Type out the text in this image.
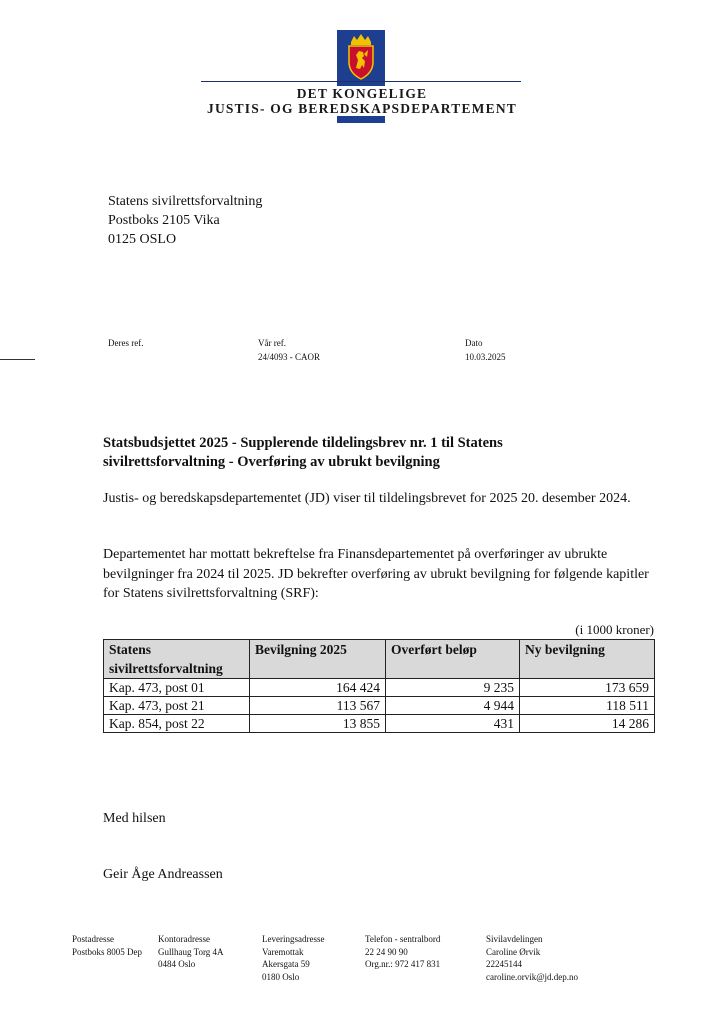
DET KONGELIGE
JUSTIS- OG BEREDSKAPSDEPARTEMENT
Statens sivilrettsforvaltning
Postboks 2105 Vika
0125 OSLO
Deres ref.	Vår ref.
24/4093 - CAOR
Dato
10.03.2025
Statsbudsjettet 2025 - Supplerende tildelingsbrev nr. 1 til Statens sivilrettsforvaltning - Overføring av ubrukt bevilgning
Justis- og beredskapsdepartementet (JD) viser til tildelingsbrevet for 2025 20. desember 2024.
Departementet har mottatt bekreftelse fra Finansdepartementet på overføringer av ubrukte bevilgninger fra 2024 til 2025. JD bekrefter overføring av ubrukt bevilgning for følgende kapitler for Statens sivilrettsforvaltning (SRF):
(i 1000 kroner)
Statens sivilrettsforvaltning	Bevilgning 2025	Overført beløp	Ny bevilgning
Kap. 473, post 01	164 424	9 235	173 659
Kap. 473, post 21	113 567	4 944	118 511
Kap. 854, post 22	13 855	431	14 286
Med hilsen
Geir Åge Andreassen
Postadresse
Postboks 8005 Dep
Kontoradresse
Gullhaug Torg 4A
0484 Oslo
Leveringsadresse
Varemottak
Akersgata 59
0180 Oslo
Telefon - sentralbord
22 24 90 90
Org.nr.: 972 417 831
Sivilavdelingen
Caroline Ørvik
22245144
caroline.orvik@jd.dep.no
